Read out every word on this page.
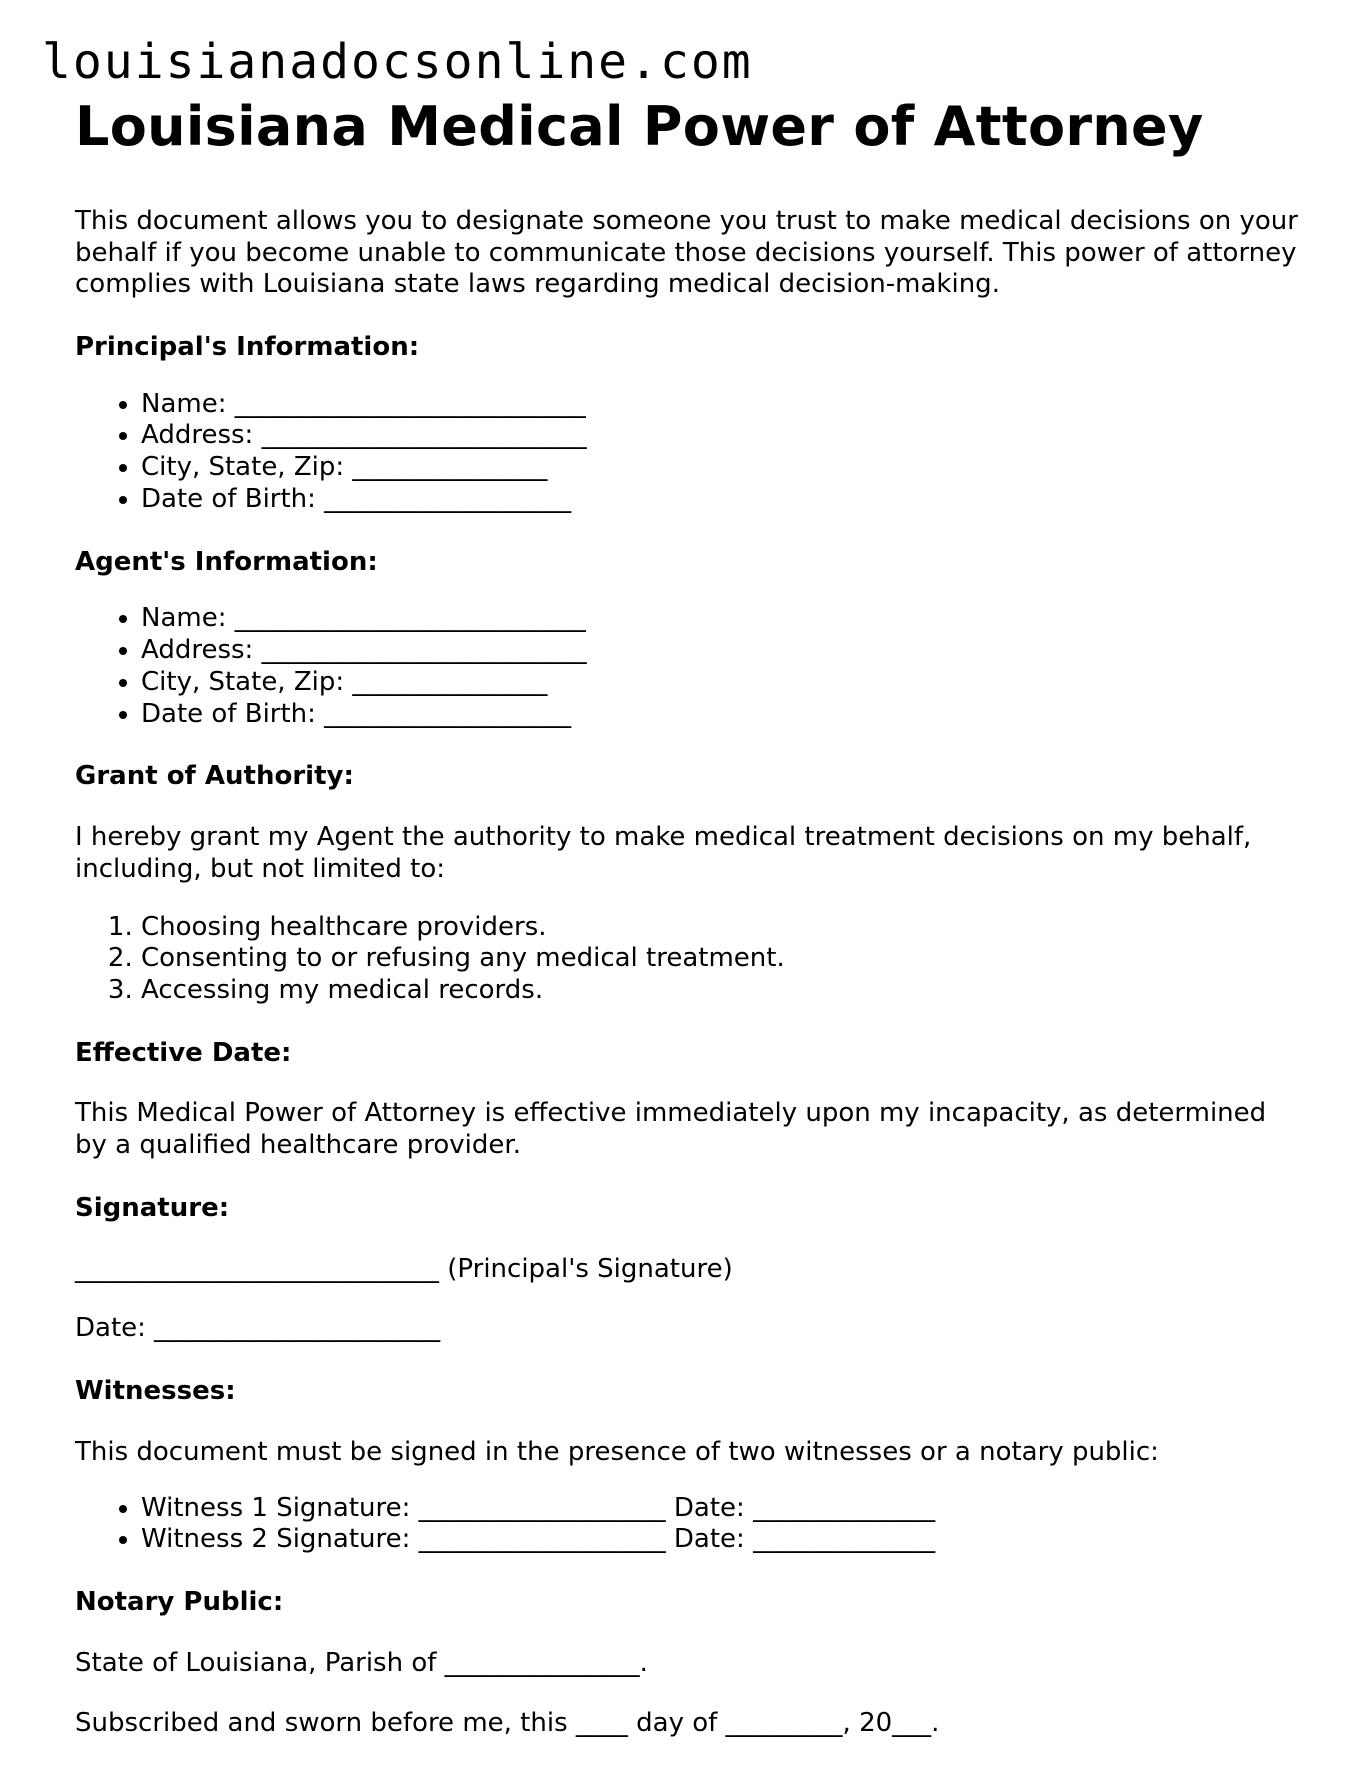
louisianadocsonline.com
Louisiana Medical Power of Attorney

This document allows you to designate someone you trust to make medical decisions on your behalf if you become unable to communicate those decisions yourself. This power of attorney complies with Louisiana state laws regarding medical decision-making.

Principal's Information:
• Name: ___________________________
• Address: _________________________
• City, State, Zip: _______________
• Date of Birth: ___________________
Agent's Information:
• Name: ___________________________
• Address: _________________________
• City, State, Zip: _______________
• Date of Birth: ___________________
Grant of Authority:

I hereby grant my Agent the authority to make medical treatment decisions on my behalf, including, but not limited to:

1. Choosing healthcare providers.
2. Consenting to or refusing any medical treatment.
3. Accessing my medical records.
Effective Date:

This Medical Power of Attorney is effective immediately upon my incapacity, as determined by a qualified healthcare provider.

Signature:

____________________________ (Principal's Signature)

Date: ______________________

Witnesses:

This document must be signed in the presence of two witnesses or a notary public:

• Witness 1 Signature: ___________________ Date: ______________
• Witness 2 Signature: ___________________ Date: ______________
Notary Public:

State of Louisiana, Parish of _______________.

Subscribed and sworn before me, this ____ day of _________, 20___.
